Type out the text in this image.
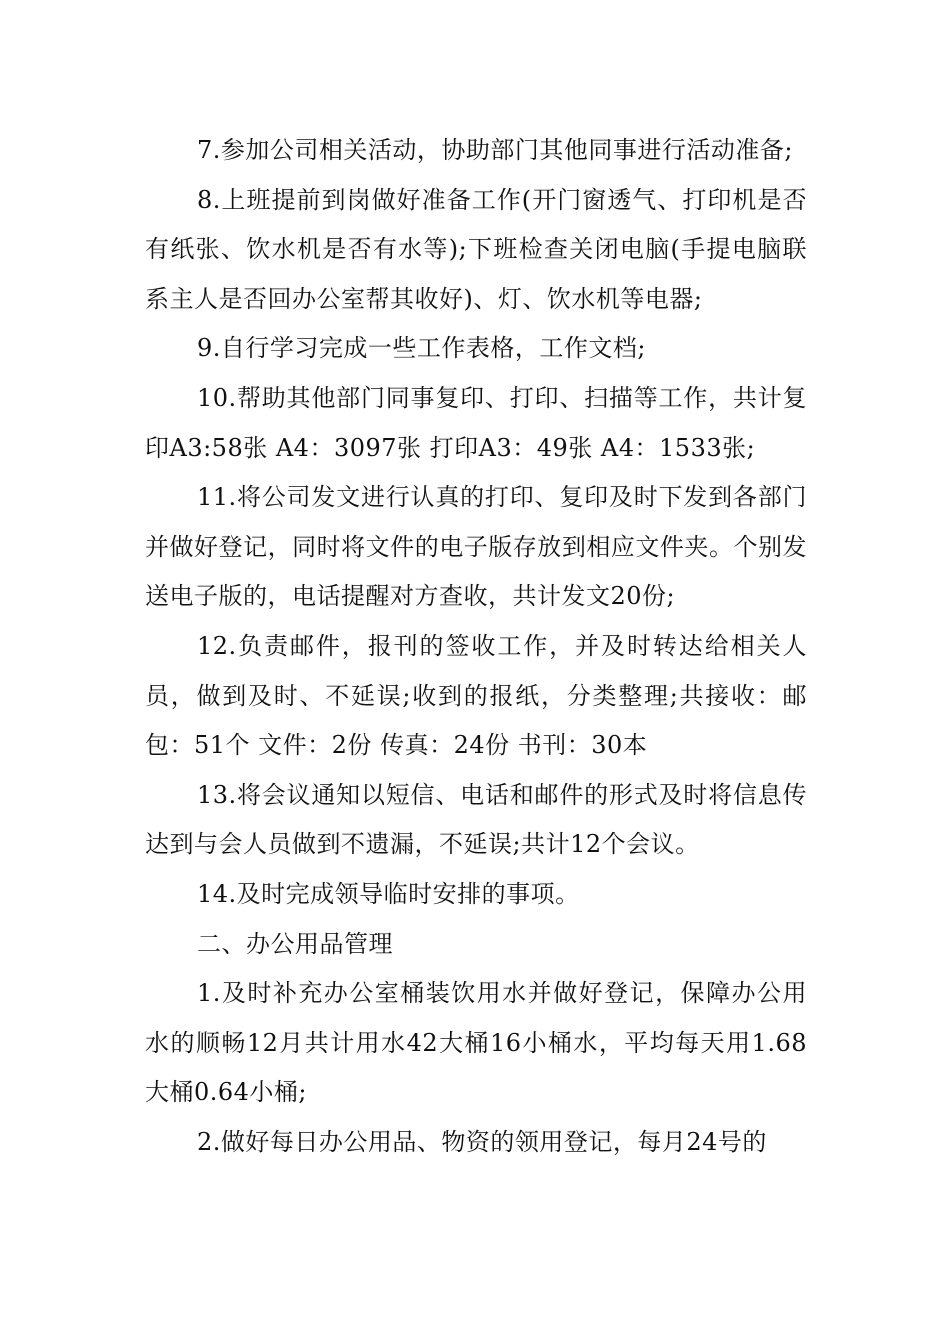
7.参加公司相关活动，协助部门其他同事进行活动准备;

8.上班提前到岗做好准备工作(开门窗透气、打印机是否有纸张、饮水机是否有水等);下班检查关闭电脑(手提电脑联系主人是否回办公室帮其收好)、灯、饮水机等电器;

9.自行学习完成一些工作表格，工作文档;

10.帮助其他部门同事复印、打印、扫描等工作，共计复印A3:58张 A4：3097张 打印A3：49张 A4：1533张;

11.将公司发文进行认真的打印、复印及时下发到各部门并做好登记，同时将文件的电子版存放到相应文件夹。个别发送电子版的，电话提醒对方查收，共计发文20份;

12.负责邮件，报刊的签收工作，并及时转达给相关人员，做到及时、不延误;收到的报纸，分类整理;共接收：邮包：51个 文件：2份 传真：24份 书刊：30本

13.将会议通知以短信、电话和邮件的形式及时将信息传达到与会人员做到不遗漏，不延误;共计12个会议。

14.及时完成领导临时安排的事项。

二、办公用品管理

1.及时补充办公室桶装饮用水并做好登记，保障办公用水的顺畅12月共计用水42大桶16小桶水，平均每天用1.68大桶0.64小桶;

2.做好每日办公用品、物资的领用登记，每月24号的
